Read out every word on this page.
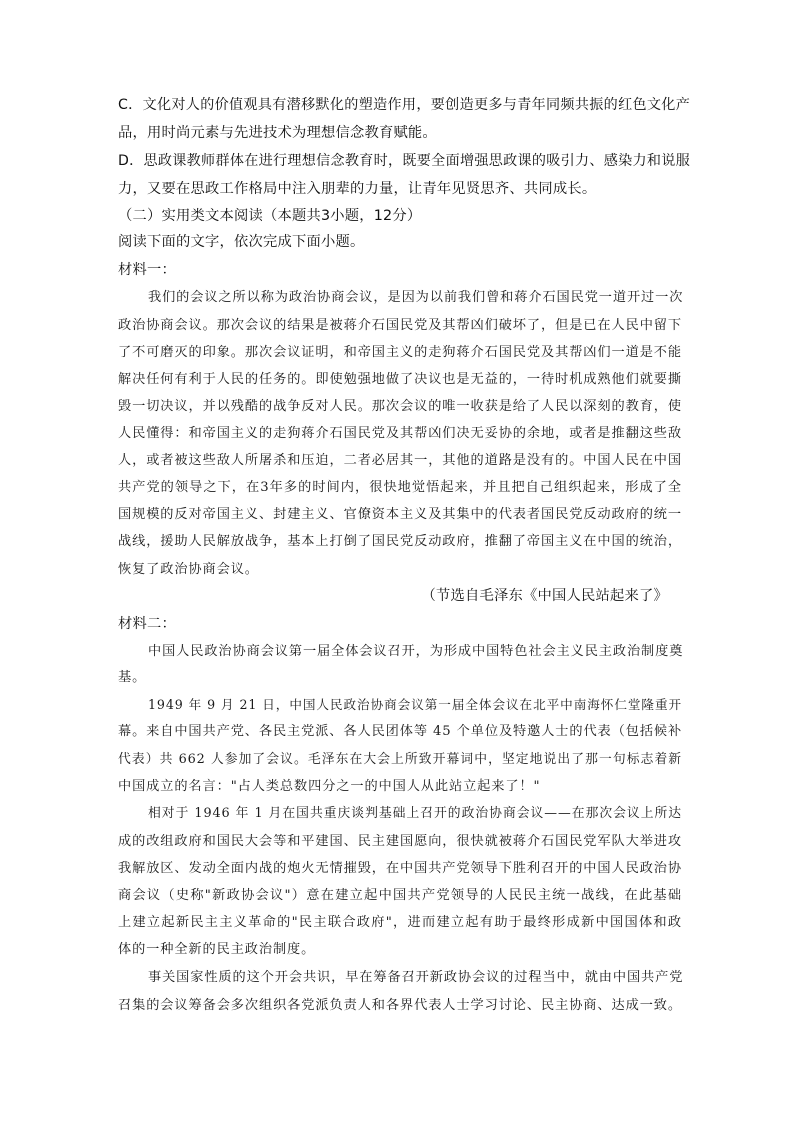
C．文化对人的价值观具有潜移默化的塑造作用，要创造更多与青年同频共振的红色文化产

品，用时尚元素与先进技术为理想信念教育赋能。

D．思政课教师群体在进行理想信念教育时，既要全面增强思政课的吸引力、感染力和说服

力，又要在思政工作格局中注入朋辈的力量，让青年见贤思齐、共同成长。

（二）实用类文本阅读（本题共3小题，12分）

阅读下面的文字，依次完成下面小题。

材料一：

我们的会议之所以称为政治协商会议，是因为以前我们曾和蒋介石国民党一道开过一次

政治协商会议。那次会议的结果是被蒋介石国民党及其帮凶们破坏了，但是已在人民中留下

了不可磨灭的印象。那次会议证明，和帝国主义的走狗蒋介石国民党及其帮凶们一道是不能

解决任何有利于人民的任务的。即使勉强地做了决议也是无益的，一待时机成熟他们就要撕

毁一切决议，并以残酷的战争反对人民。那次会议的唯一收获是给了人民以深刻的教育，使

人民懂得：和帝国主义的走狗蒋介石国民党及其帮凶们决无妥协的余地，或者是推翻这些敌

人，或者被这些敌人所屠杀和压迫，二者必居其一，其他的道路是没有的。中国人民在中国

共产党的领导之下，在3年多的时间内，很快地觉悟起来，并且把自己组织起来，形成了全

国规模的反对帝国主义、封建主义、官僚资本主义及其集中的代表者国民党反动政府的统一

战线，援助人民解放战争，基本上打倒了国民党反动政府，推翻了帝国主义在中国的统治，

恢复了政治协商会议。

（节选自毛泽东《中国人民站起来了》

材料二：

中国人民政治协商会议第一届全体会议召开，为形成中国特色社会主义民主政治制度奠

基。

1949 年 9 月 21 日，中国人民政治协商会议第一届全体会议在北平中南海怀仁堂隆重开

幕。来自中国共产党、各民主党派、各人民团体等 45 个单位及特邀人士的代表（包括候补

代表）共 662 人参加了会议。毛泽东在大会上所致开幕词中，坚定地说出了那一句标志着新

中国成立的名言："占人类总数四分之一的中国人从此站立起来了！"

相对于 1946 年 1 月在国共重庆谈判基础上召开的政治协商会议——在那次会议上所达

成的改组政府和国民大会等和平建国、民主建国愿向，很快就被蒋介石国民党军队大举进攻

我解放区、发动全面内战的炮火无情摧毁，在中国共产党领导下胜利召开的中国人民政治协

商会议（史称"新政协会议"）意在建立起中国共产党领导的人民民主统一战线，在此基础

上建立起新民主主义革命的"民主联合政府"，进而建立起有助于最终形成新中国国体和政

体的一种全新的民主政治制度。

事关国家性质的这个开会共识，早在筹备召开新政协会议的过程当中，就由中国共产党

召集的会议筹备会多次组织各党派负责人和各界代表人士学习讨论、民主协商、达成一致。
